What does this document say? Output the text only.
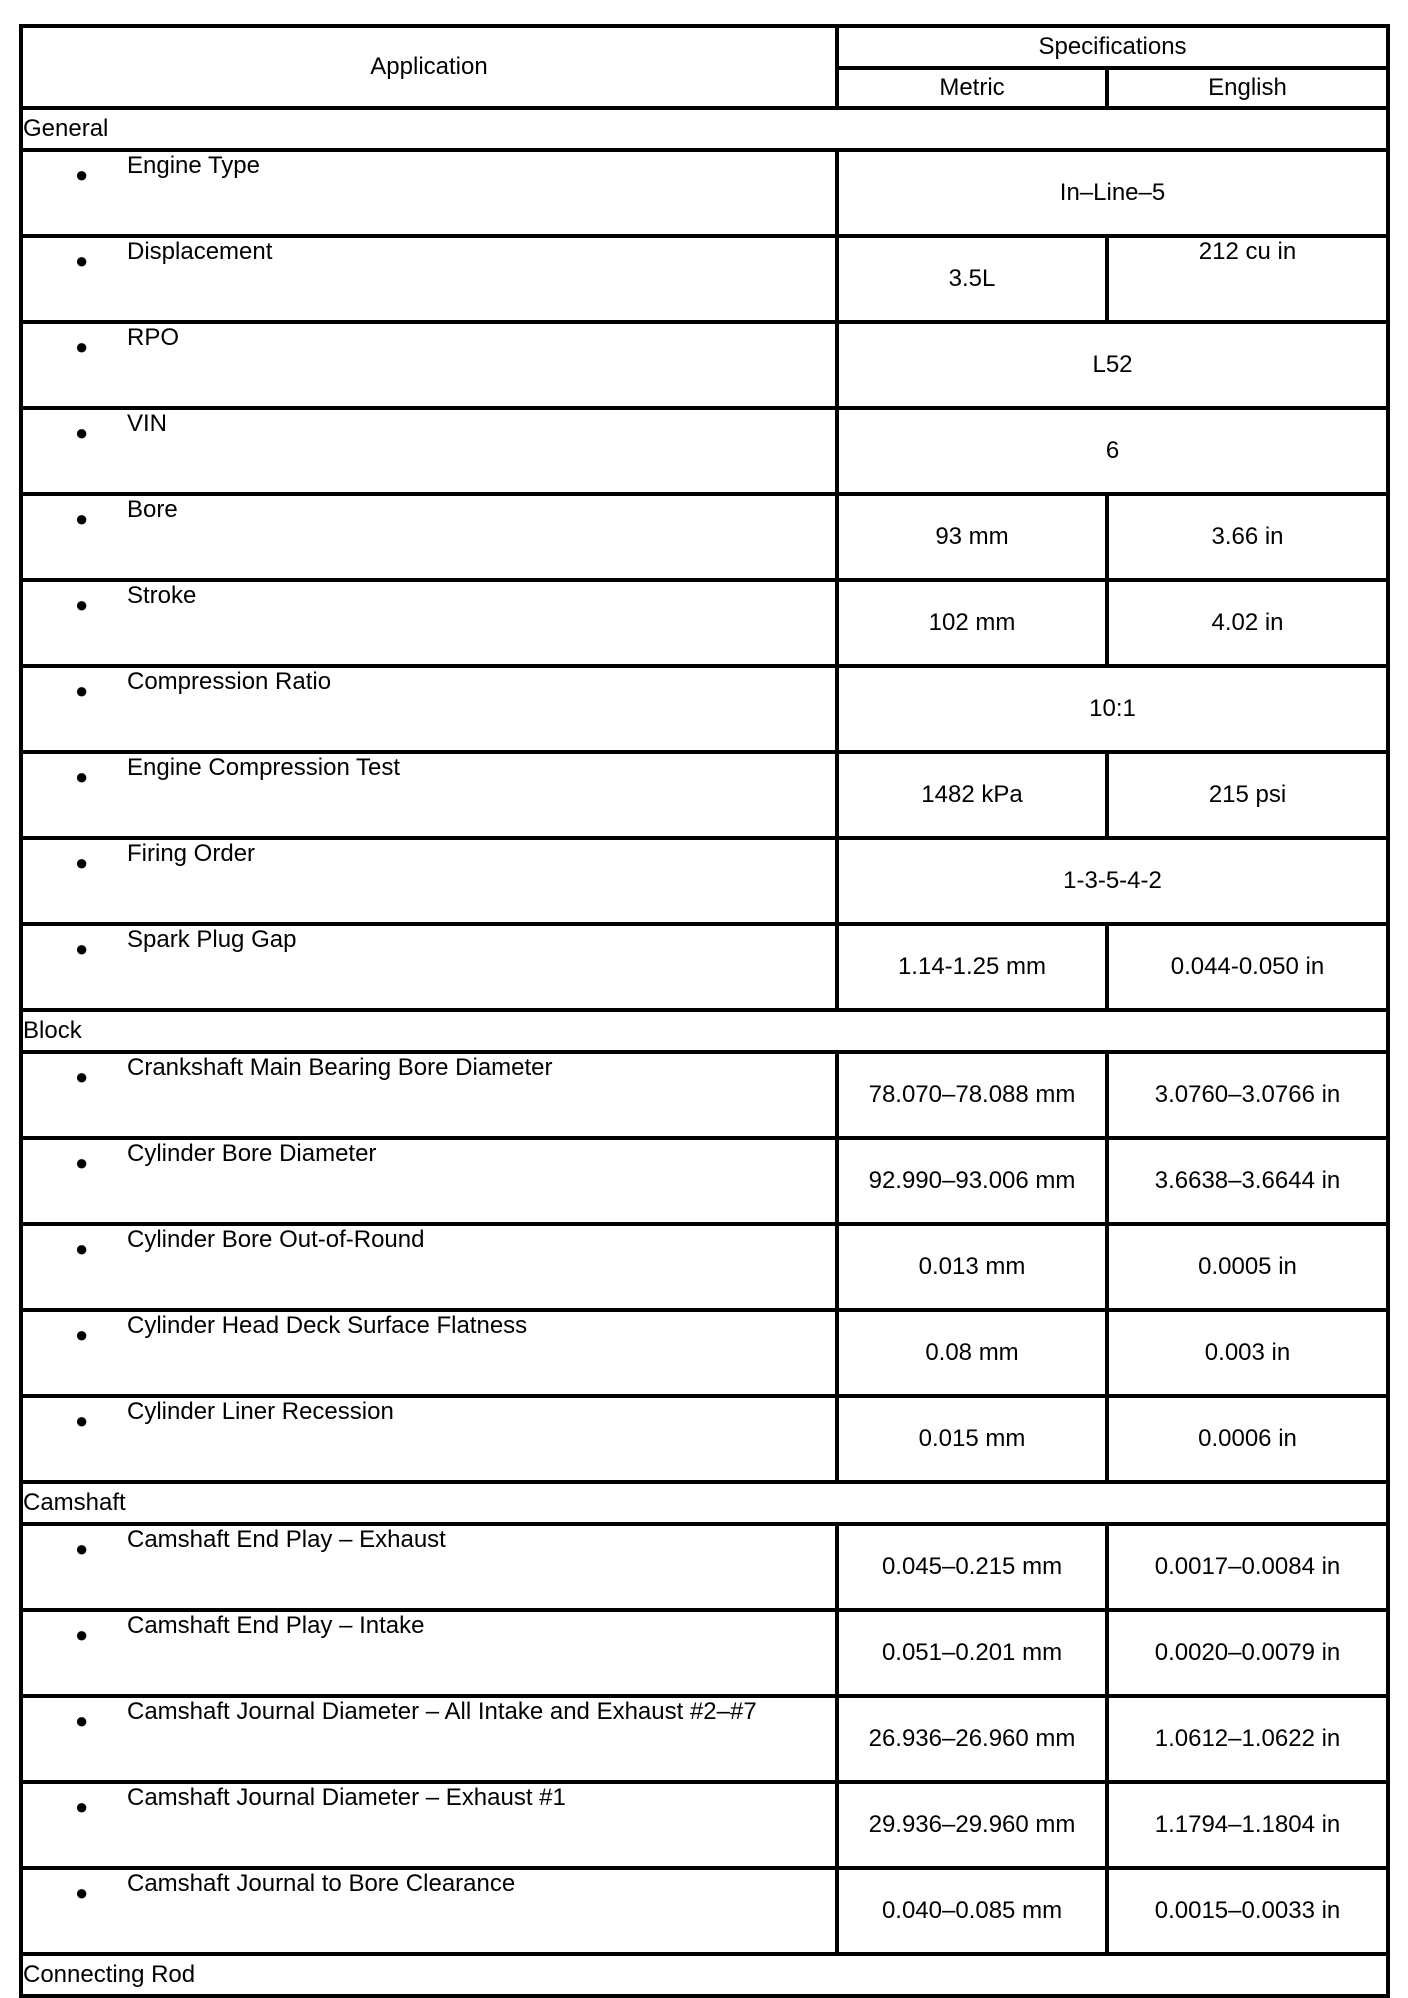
Application	Specifications	
	Metric	English
General		

● Engine Type	In–Line–5	

● Displacement	3.5L	212 cu in

● RPO	L52	

● VIN	6	

● Bore	93 mm	3.66 in

● Stroke	102 mm	4.02 in

● Compression Ratio	10:1	

● Engine Compression Test	1482 kPa	215 psi

● Firing Order	1-3-5-4-2	

● Spark Plug Gap	1.14-1.25 mm	0.044-0.050 in
Block		

● Crankshaft Main Bearing Bore Diameter	78.070–78.088 mm	3.0760–3.0766 in

● Cylinder Bore Diameter	92.990–93.006 mm	3.6638–3.6644 in

● Cylinder Bore Out-of-Round	0.013 mm	0.0005 in

● Cylinder Head Deck Surface Flatness	0.08 mm	0.003 in

● Cylinder Liner Recession	0.015 mm	0.0006 in
Camshaft		

● Camshaft End Play – Exhaust	0.045–0.215 mm	0.0017–0.0084 in

● Camshaft End Play – Intake	0.051–0.201 mm	0.0020–0.0079 in

● Camshaft Journal Diameter – All Intake and Exhaust #2–#7	26.936–26.960 mm	1.0612–1.0622 in

● Camshaft Journal Diameter – Exhaust #1	29.936–29.960 mm	1.1794–1.1804 in

● Camshaft Journal to Bore Clearance	0.040–0.085 mm	0.0015–0.0033 in
Connecting Rod		
